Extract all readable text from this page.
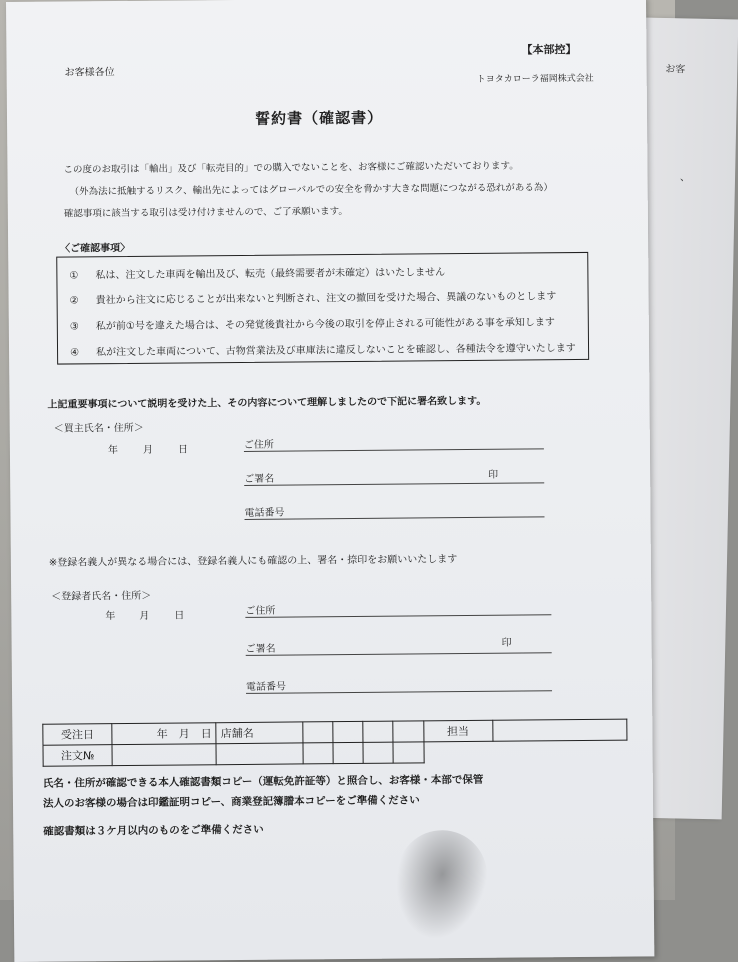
お客
、
【本部控】
お客様各位
トヨタカローラ福岡株式会社
誓約書（確認書）
この度のお取引は「輸出」及び「転売目的」での購入でないことを、お客様にご確認いただいております。
（外為法に抵触するリスク、輸出先によってはグローバルでの安全を脅かす大きな問題につながる恐れがある為）
確認事項に該当する取引は受け付けませんので、ご了承願います。
〈ご確認事項〉
① 私は、注文した車両を輸出及び、転売（最終需要者が未確定）はいたしません
② 貴社から注文に応じることが出来ないと判断され、注文の撤回を受けた場合、異議のないものとします
③ 私が前①号を違えた場合は、その発覚後貴社から今後の取引を停止される可能性がある事を承知します
④ 私が注文した車両について、古物営業法及び車庫法に違反しないことを確認し、各種法令を遵守いたします
上記重要事項について説明を受けた上、その内容について理解しましたので下記に署名致します。
＜買主氏名・住所＞
年 月 日	ご住所
ご署名	印
電話番号
※登録名義人が異なる場合には、登録名義人にも確認の上、署名・捺印をお願いいたします
＜登録者氏名・住所＞
年 月 日	ご住所
ご署名
印
電話番号
受注日	年　月　日	店舗名					担当	
注文№								
氏名・住所が確認できる本人確認書類コピー（運転免許証等）と照合し、お客様・本部で保管
法人のお客様の場合は印鑑証明コピー、商業登記簿謄本コピーをご準備ください
確認書類は３ケ月以内のものをご準備ください
